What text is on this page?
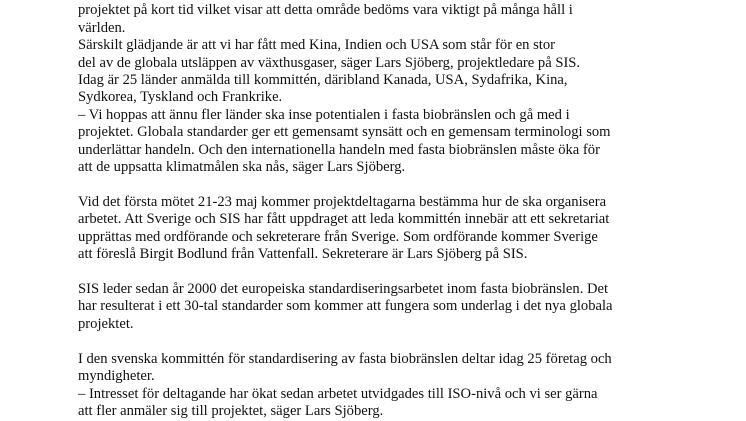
projektet på kort tid vilket visar att detta område bedöms vara viktigt på många håll i
världen.
Särskilt glädjande är att vi har fått med Kina, Indien och USA som står för en stor
del av de globala utsläppen av växthusgaser, säger Lars Sjöberg, projektledare på SIS.
Idag är 25 länder anmälda till kommittén, däribland Kanada, USA, Sydafrika, Kina,
Sydkorea, Tyskland och Frankrike.
– Vi hoppas att ännu fler länder ska inse potentialen i fasta biobränslen och gå med i
projektet. Globala standarder ger ett gemensamt synsätt och en gemensam terminologi som
underlättar handeln. Och den internationella handeln med fasta biobränslen måste öka för
att de uppsatta klimatmålen ska nås, säger Lars Sjöberg.
Vid det första mötet 21-23 maj kommer projektdeltagarna bestämma hur de ska organisera
arbetet. Att Sverige och SIS har fått uppdraget att leda kommittén innebär att ett sekretariat
upprättas med ordförande och sekreterare från Sverige. Som ordförande kommer Sverige
att föreslå Birgit Bodlund från Vattenfall. Sekreterare är Lars Sjöberg på SIS.
SIS leder sedan år 2000 det europeiska standardiseringsarbetet inom fasta biobränslen. Det
har resulterat i ett 30-tal standarder som kommer att fungera som underlag i det nya globala
projektet.
I den svenska kommittén för standardisering av fasta biobränslen deltar idag 25 företag och
myndigheter.
– Intresset för deltagande har ökat sedan arbetet utvidgades till ISO-nivå och vi ser gärna
att fler anmäler sig till projektet, säger Lars Sjöberg.
